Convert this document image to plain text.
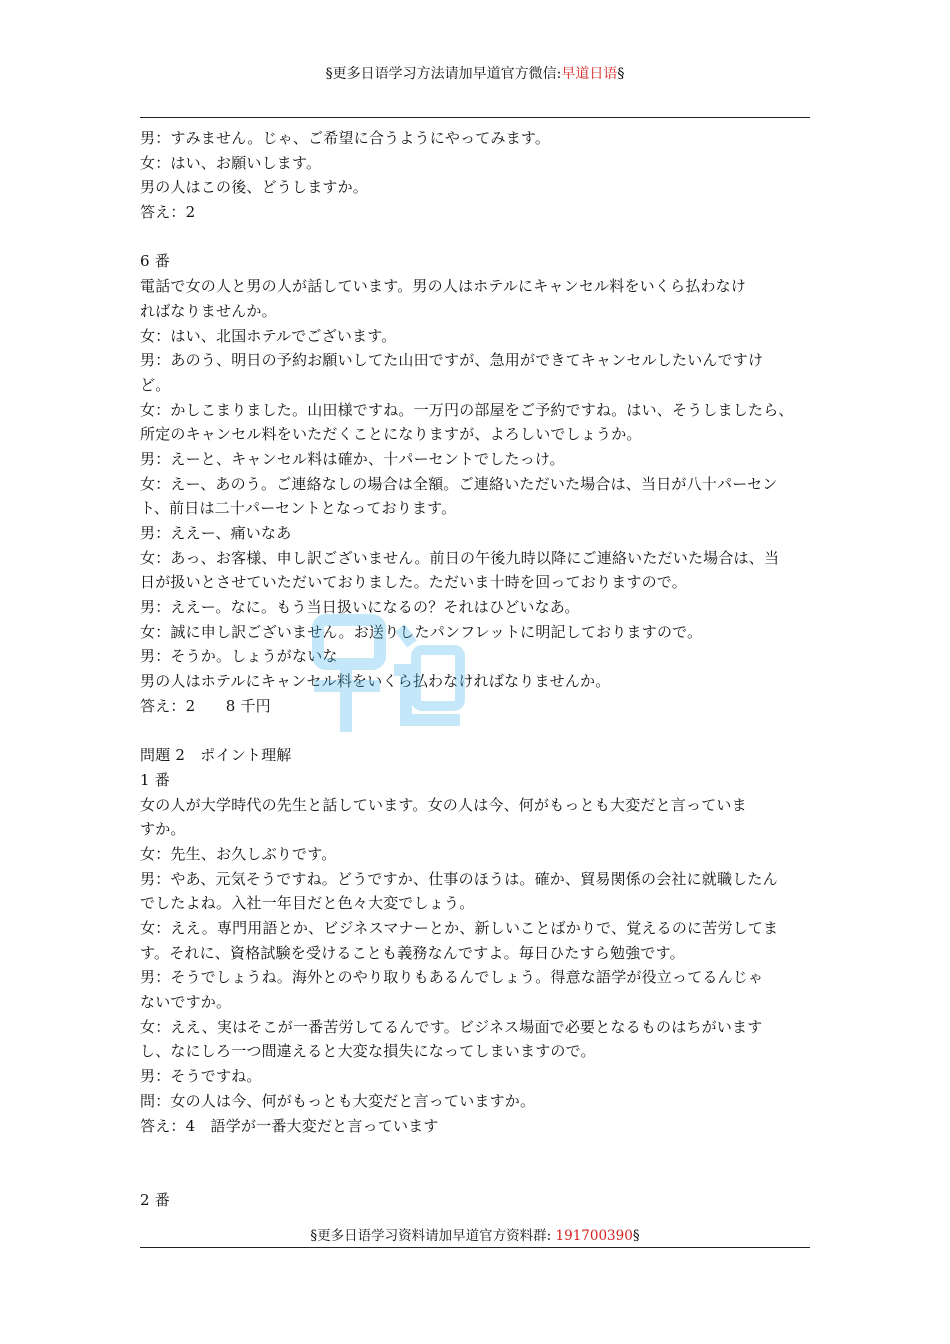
§更多日语学习方法请加早道官方微信:早道日语§
男：すみません。じゃ、ご希望に合うようにやってみます。
女：はい、お願いします。
男の人はこの後、どうしますか。
答え：2
6 番
電話で女の人と男の人が話しています。男の人はホテルにキャンセル料をいくら払わなけ
ればなりませんか。
女：はい、北国ホテルでございます。
男：あのう、明日の予約お願いしてた山田ですが、急用ができてキャンセルしたいんですけ
ど。
女：かしこまりました。山田様ですね。一万円の部屋をご予約ですね。はい、そうしましたら、
所定のキャンセル料をいただくことになりますが、よろしいでしょうか。
男：えーと、キャンセル料は確か、十パーセントでしたっけ。
女：えー、あのう。ご連絡なしの場合は全額。ご連絡いただいた場合は、当日が八十パーセン
ト、前日は二十パーセントとなっております。
男：ええー、痛いなあ
女：あっ、お客様、申し訳ございません。前日の午後九時以降にご連絡いただいた場合は、当
日が扱いとさせていただいておりました。ただいま十時を回っておりますので。
男：ええー。なに。もう当日扱いになるの？それはひどいなあ。
女：誠に申し訳ございません。お送りしたパンフレットに明記しておりますので。
男：そうか。しょうがないな
男の人はホテルにキャンセル料をいくら払わなければなりませんか。
答え：2　　8 千円
問題 2　ポイント理解
1 番
女の人が大学時代の先生と話しています。女の人は今、何がもっとも大変だと言っていま
すか。
女：先生、お久しぶりです。
男：やあ、元気そうですね。どうですか、仕事のほうは。確か、貿易関係の会社に就職したん
でしたよね。入社一年目だと色々大変でしょう。
女：ええ。専門用語とか、ビジネスマナーとか、新しいことばかりで、覚えるのに苦労してま
す。それに、資格試験を受けることも義務なんですよ。毎日ひたすら勉強です。
男：そうでしょうね。海外とのやり取りもあるんでしょう。得意な語学が役立ってるんじゃ
ないですか。
女：ええ、実はそこが一番苦労してるんです。ビジネス場面で必要となるものはちがいます
し、なにしろ一つ間違えると大変な損失になってしまいますので。
男：そうですね。
問：女の人は今、何がもっとも大変だと言っていますか。
答え：4　語学が一番大変だと言っています
2 番
§更多日语学习资料请加早道官方资料群: 191700390§
